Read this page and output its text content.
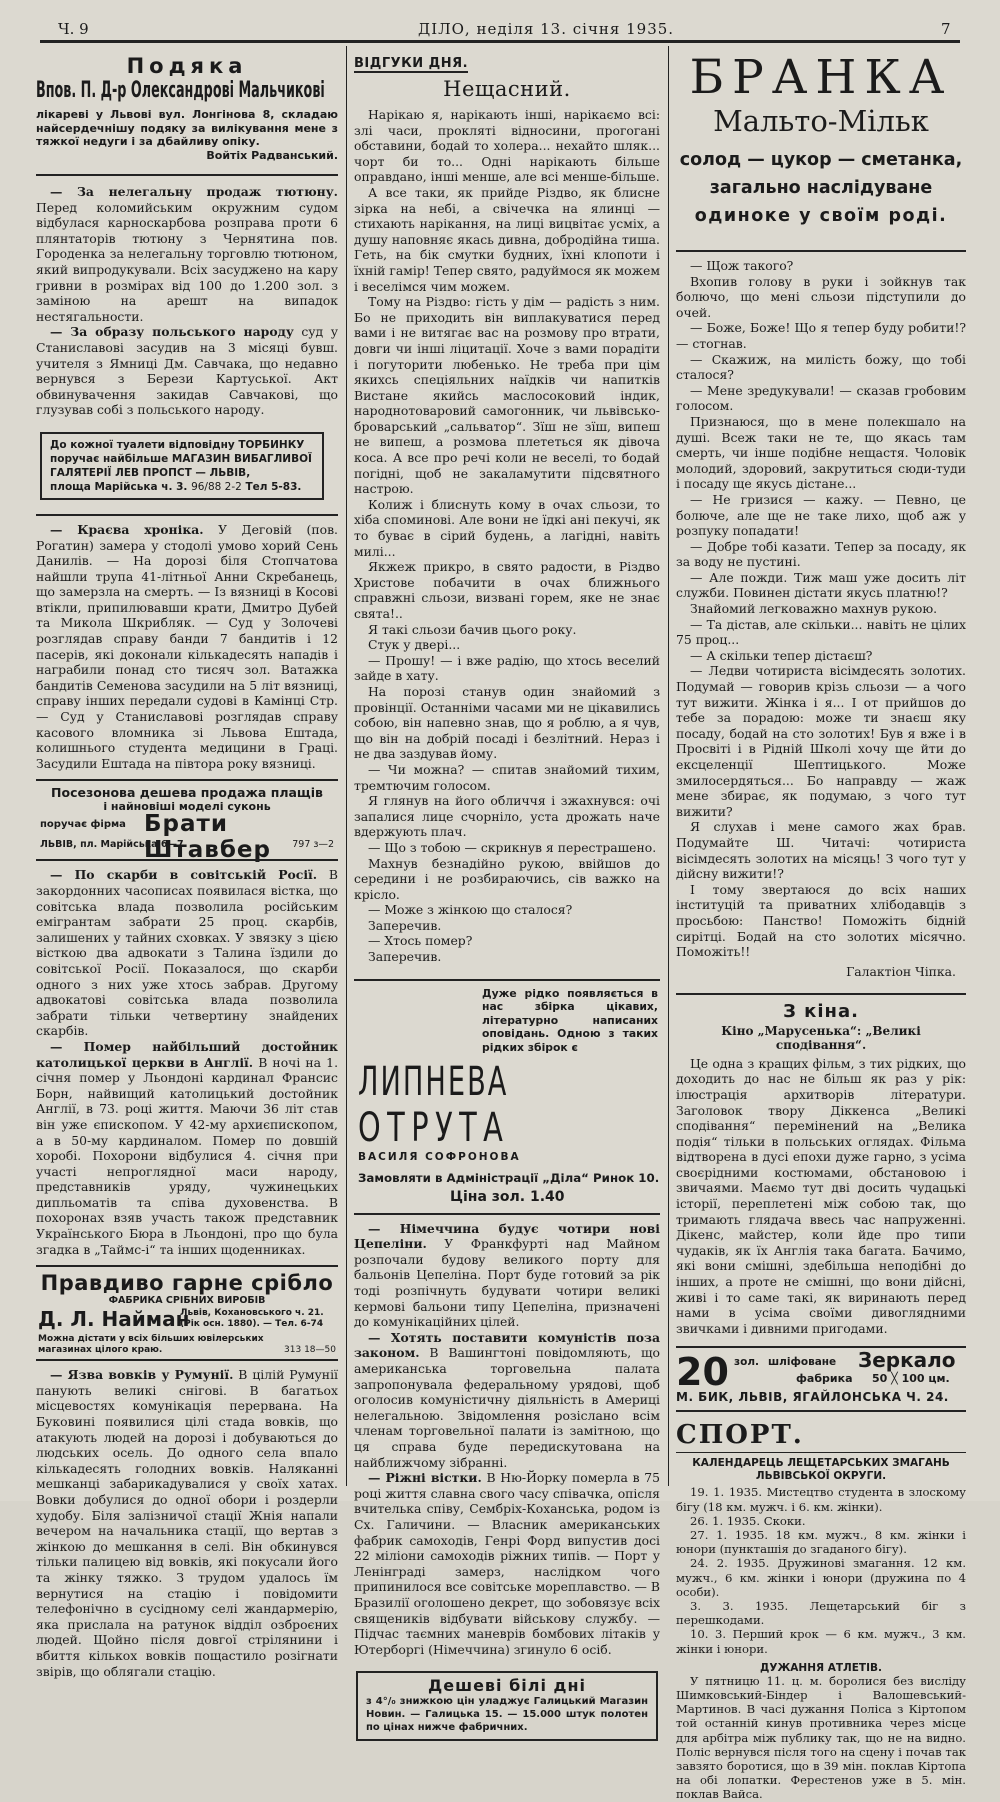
Ч. 9	ДІЛО, неділя 13. січня 1935.	7
Подяка
Впов. П. Д-р Олександрові Мальчикові
лікареві у Львові вул. Лонгінова 8, складаю найсердечнішу подяку за вилікування мене з тяжкої недуги і за дбайливу опіку.
Войтіх Радванський.

— За нелегальну продаж тютюну. Перед коломийським окружним судом відбулася карноскарбова розправа проти 6 плянтаторів тютюну з Чернятина пов. Городенка за нелегальну торговлю тютюном, який випродукували. Всіх засуджено на кару гривни в розмірах від 100 до 1.200 зол. з заміною на арешт на випадок нестягальности.

— За образу польського народу суд у Станиславові засудив на 3 місяці бувш. учителя з Ямниці Дм. Савчака, що недавно вернувся з Берези Картуської. Акт обвинувачення закидав Савчакові, що глузував собі з польського народу.

До кожної туалети відповідну ТОРБИНКУ
поручає найбільше МАГАЗИН ВИБАГЛИВОЇ
ГАЛЯТЕРІЇ ЛЕВ ПРОПСТ — ЛЬВІВ,
площа Марійська ч. 3. 96/88 2-2 Тел 5-83.

— Краєва хроніка. У Деговій (пов. Рогатин) замера у стодолі умово хорий Сень Данилів. — На дорозі біля Стопчатова найшли трупа 41-літньої Анни Скребанець, що замерзла на смерть. — Із вязниці в Косові втікли, припилювавши крати, Дмитро Дубей та Микола Шкрибляк. — Суд у Золочеві розглядав справу банди 7 бандитів і 12 пасерів, які доконали кількадесять нападів і награбили понад сто тисяч зол. Ватажка бандитів Семенова засудили на 5 літ вязниці, справу інших передали судові в Камінці Стр. — Суд у Станиславові розглядав справу касового вломника зі Львова Ештада, колишнього студента медицини в Граці. Засудили Ештада на півтора року вязниці.

Посезонова дешева продажа плащів
і найновіші моделі суконь
поручає фірма Брати Штавбер
ЛЬВІВ, пл. Марійська 6—7.	797 з—2

— По скарби в совітській Росії. В закордонних часописах появилася вістка, що совітська влада позволила російським емігрантам забрати 25 проц. скарбів, залишених у тайних сховках. У звязку з цією вісткою два адвокати з Талина їздили до совітської Росії. Показалося, що скарби одного з них уже хтось забрав. Другому адвокатові совітська влада позволила забрати тільки четвертину знайдених скарбів.

— Помер найбільший достойник католицької церкви в Англії. В ночі на 1. січня помер у Льондоні кардинал Франсис Борн, найвищий католицький достойник Англії, в 73. році життя. Маючи 36 літ став він уже єпископом. У 42-му архиєпископом, а в 50-му кардиналом. Помер по довшій хоробі. Похорони відбулися 4. січня при участі непроглядної маси народу, представників уряду, чужинецьких дипльоматів та співа духовенства. В похоронах взяв участь також представник Українського Бюра в Льондоні, про що була згадка в „Таймс-і“ та інших щоденниках.

Правдиво гарне срібло
ФАБРИКА СРІБНИХ ВИРОБІВ
Д. Л. Найман
Львів, Кохановського ч. 21. (Рік осн. 1880). — Тел. 6-74
Можна дістати у всіх більших ювілерських магазинах цілого краю.	313 18—50

— Язва вовків у Румунії. В цілій Румунії панують великі снігові. В багатьох місцевостях комунікація перервана. На Буковині появилися цілі стада вовків, що атакують людей на дорозі і добуваються до людських осель. До одного села впало кількадесять голодних вовків. Наляканні мешканці забарикадувалися у своїх хатах. Вовки добулися до одної обори і роздерли худобу. Біля залізничої стації Жнія напали вечером на начальника стації, що вертав з жінкою до мешкання в селі. Він обкинувся тільки палицею від вовків, які покусали його та жінку тяжко. З трудом удалось їм вернутися на стацію і повідомити телефонічно в сусідному селі жандармерію, яка прислала на ратунок відділ озброєних людей. Щойно після довгої стрілянини і вбиття кількох вовків пощастило розігнати звірів, що облягали стацію.

ВІДГУКИ ДНЯ.
Нещасний.

Нарікаю я, нарікають інші, нарікаємо всі: злі часи, проклятi відносини, прогогані обставини, бодай то холера... нехайто шляк... чорт би то... Одні нарікають більше оправдано, інші менше, але всі менше-більше.

А все таки, як прийде Різдво, як блисне зірка на небі, а свічечка на ялинці — стихають нарікання, на лиці вицвітає усміх, а душу наповняє якась дивна, добродійна тиша. Геть, на бік смутки будних, їхні клопоти і їхній гамір! Тепер свято, радуймося як можем і веселімся чим можем.

Тому на Різдво: гість у дім — радість з ним. Бо не приходить він виплакуватися перед вами і не витягає вас на розмову про втрати, довги чи інші ліцитації. Хоче з вами порадіти і погуторити любенько. Не треба при цім якихсь спеціяльних наїдків чи напитків Вистане якийсь маслосоковий індик, народнотоваровий самогонник, чи львівсько-броварський „сальватор“. Зїш не зїш, випеш не випеш, а розмова плететься як дівоча коса. А все про речі коли не веселі, то бодай погідні, щоб не закаламутити підсвятного настрою.

Колиж і блиснуть кому в очах сльози, то хіба споминові. Але вони не їдкі ані пекучі, як то буває в сірий будень, а лагідні, навіть милі...

Якжеж прикро, в свято радости, в Різдво Христове побачити в очах ближнього справжні сльози, визвані горем, яке не знає свята!..

Я такі сльози бачив цього року.

Стук у двері...

— Прошу! — і вже радію, що хтось веселий зайде в хату.

На порозі станув один знайомий з провінції. Останніми часами ми не цікавились собою, він напевно знав, що я роблю, а я чув, що він на добрій посаді і безлітний. Нераз і не два заздував йому.

— Чи можна? — спитав знайомий тихим, тремтючим голосом.

Я глянув на його обличчя і зжахнувся: очі запалися лице счорніло, уста дрожать наче вдержують плач.

— Що з тобою — скрикнув я перестрашено.

Махнув безнадійно рукою, ввійшов до середини і не розбираючись, сів важко на крісло.

— Може з жінкою що сталося?

Заперечив.

— Хтось помер?

Заперечив.

Дуже рідко появляється в нас збірка цікавих, літературно написаних оповідань. Одною з таких рідких збірок є
ЛИПНЕВА
ОТРУТА
ВАСИЛЯ СОФРОНОВА
Замовляти в Адміністрації „Діла“ Ринок 10.
Ціна зол. 1.40

— Німеччина будує чотири нові Цепеліни. У Франкфурті над Майном розпочали будову великого порту для бальонів Цепеліна. Порт буде готовий за рік тоді розпічнуть будувати чотири великі кермові бальони типу Цепеліна, призначені до комунікаційних цілей.

— Хотять поставити комуністів поза законом. В Вашингтоні повідомляють, що американська торговельна палата запропонувала федеральному урядові, щоб оголосив комуністичну діяльність в Америці нелегальною. Звідомлення розіслано всім членам торговельної палати із замітною, що ця справа буде передискутована на найближчому зібранні.

— Ріжні вістки. В Ню-Йорку померла в 75 році життя славна свого часу співачка, опісля вчителька співу, Сембріх-Коханська, родом із Сх. Галичини. — Власник американських фабрик самоходів, Генрі Форд випустив досі 22 міліони самоходів ріжних типів. — Порт у Ленінграді замерз, наслідком чого припинилося все совітське мореплавство. — В Бразилії оголошено декрет, що зобовязує всіх священиків відбувати військову службу. — Підчас таємних маневрів бомбових літаків у Ютерборгі (Німеччина) згинуло 6 осіб.

Дешеві білі дні
з 4°/₀ знижкою цін уладжує Галицький Магазин Новин. — Галицька 15. — 15.000 штук полотен по цінах нижче фабричних.
БРАНКА
Мальто-Мільк
солод — цукор — сметанка,
загально наслідуване
одиноке у своїм роді.

— Щож такого?

Вхопив голову в руки і зойкнув так болючо, що мені сльози підступили до очей.

— Боже, Боже! Що я тепер буду робити!? — стогнав.

— Скажиж, на милість божу, що тобі сталося?

— Мене зредукували! — сказав гробовим голосом.

Признаюся, що в мене полекшало на душі. Всеж таки не те, що якась там смерть, чи інше подібне нещастя. Чоловік молодий, здоровий, закрутиться сюди-туди і посаду ще якусь дістане...

— Не гризися — кажу. — Певно, це болюче, але ще не таке лихо, щоб аж у розпуку попадати!

— Добре тобі казати. Тепер за посаду, як за воду не пустині.

— Але пожди. Тиж маш уже досить літ служби. Повинен дістати якусь платню!?

Знайомий легковажно махнув рукою.

— Та дістав, але скільки... навіть не цілих 75 проц...

— А скільки тепер дістаєш?

— Ледви чотириста вісімдесять золотих. Подумай — говорив крізь сльози — а чого тут вижити. Жінка і я... І от прийшов до тебе за порадою: може ти знаєш яку посаду, бодай на сто золотих! Був я вже і в Просвіті і в Рідній Школі хочу ще йти до ексцеленції Шептицького. Може змилосердяться... Бо направду — жаж мене збирає, як подумаю, з чого тут вижити?

Я слухав і мене самого жах брав. Подумайте Ш. Читачі: чотириста вісімдесять золотих на місяць! З чого тут у дійсну вижити!?

І тому звертаюся до всіх наших інституцій та приватних хлібодавців з просьбою: Панство! Поможіть бідній сирітці. Бодай на сто золотих місячно. Поможіть!!

Галактіон Чіпка.
З кіна.
Кіно „Марусенька“: „Великі сподівання“.

Це одна з кращих фільм, з тих рідких, що доходить до нас не більш як раз у рік: ілюстрація архитворів літератури. Заголовок твору Діккенса „Великі сподівання“ перемінений на „Велика подія“ тільки в польських оглядах. Фільма відтворена в дусі епохи дуже гарно, з усіма своєрідними костюмами, обстановою і звичаями. Маємо тут дві досить чудацькі історії, переплетені між собою так, що тримають глядача ввесь час напруженні. Дікенс, майстер, коли йде про типи чудаків, як їх Англія така багата. Бачимо, які вони смішні, здебільша неподібні до інших, а проте не смішні, що вони дійсні, живі і то саме такі, як виринають перед нами в усіма своїми дивоглядними звичками і дивними пригодами.

20 зол. шліфоване Зеркало
фабрика 50 ╳ 100 цм.
М. БИК, ЛЬВІВ, ЯГАЙЛОНСЬКА Ч. 24.
СПОРТ.
КАЛЕНДАРЕЦЬ ЛЕЩЕТАРСЬКИХ ЗМАГАНЬ ЛЬВІВСЬКОЇ ОКРУГИ.

19. 1. 1935. Мистецтво студента в злоскому бігу (18 км. мужч. і 6. км. жінки).

26. 1. 1935. Скоки.

27. 1. 1935. 18 км. мужч., 8 км. жінки і юнори (пункташія до згаданого бігу).

24. 2. 1935. Дружинові змагання. 12 км. мужч., 6 км. жінки і юнори (дружина по 4 особи).

3. 3. 1935. Лещетарський біг з перешкодами.

10. 3. Перший крок — 6 км. мужч., 3 км. жінки і юнори.

ДУЖАННЯ АТЛЕТІВ.

У пятницю 11. ц. м. боролися без висліду Шимковський-Біндер і Валошевський-Мартинов. В часі дужання Поліса з Кіртопом той останній кинув противника через місце для арбітра між публику так, що не на видно. Поліс вернувся після того на сцену і почав так завзято боротися, що в 39 мін. поклав Кіртопа на обі лопатки. Ферестенов уже в 5. мін. поклав Вайса.
